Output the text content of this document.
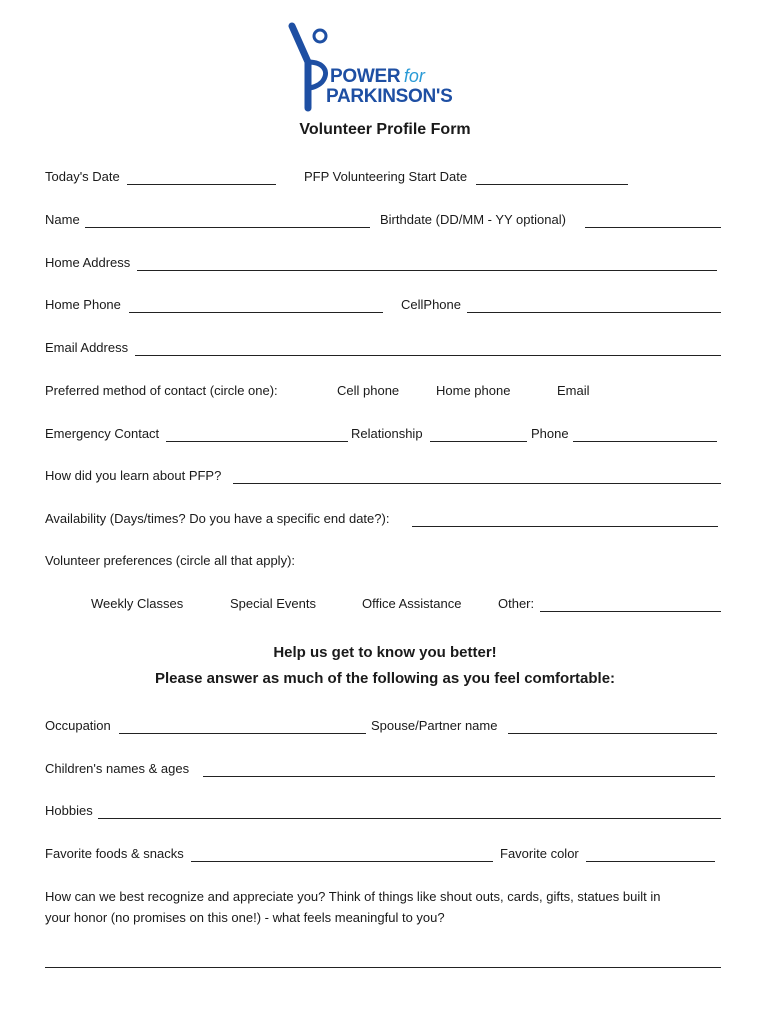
POWER for
PARKINSON'S
Volunteer Profile Form
Today's Date	PFP Volunteering Start Date
Name	Birthdate (DD/MM - YY optional)
Home Address
Home Phone	CellPhone
Email Address
Preferred method of contact (circle one):	Cell phone	Home phone	Email
Emergency Contact	Relationship	Phone
How did you learn about PFP?
Availability (Days/times? Do you have a specific end date?):
Volunteer preferences (circle all that apply):
Weekly Classes	Special Events	Office Assistance	Other:
Help us get to know you better!
Please answer as much of the following as you feel comfortable:
Occupation	Spouse/Partner name
Children's names & ages
Hobbies
Favorite foods & snacks	Favorite color
How can we best recognize and appreciate you? Think of things like shout outs, cards, gifts, statues built in
your honor (no promises on this one!) - what feels meaningful to you?
